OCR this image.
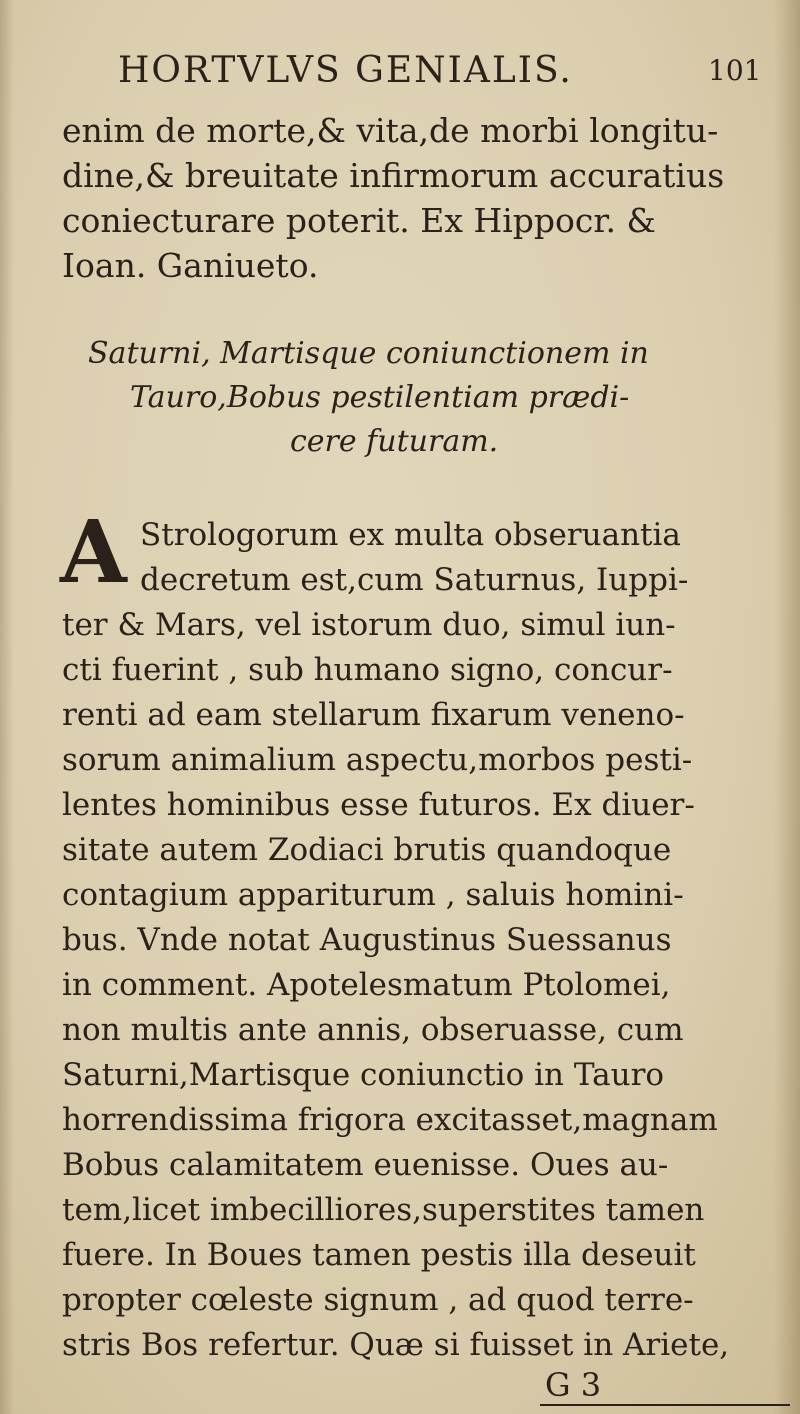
HORTVLVS GENIALIS.	101
enim de morte,& vita,de morbi longitu-
dine,& breuitate infirmorum accuratius
coniecturare poterit. Ex Hippocr. &
Ioan. Ganiueto.
Saturni, Martisque coniunctionem in
Tauro,Bobus pestilentiam prædi-
cere futuram.
A Strologorum ex multa obseruantia
decretum est,cum Saturnus, Iuppi-
ter & Mars, vel istorum duo, simul iun-
cti fuerint , sub humano signo, concur-
renti ad eam stellarum fixarum veneno-
sorum animalium aspectu,morbos pesti-
lentes hominibus esse futuros. Ex diuer-
sitate autem Zodiaci brutis quandoque
contagium appariturum , saluis homini-
bus. Vnde notat Augustinus Suessanus
in comment. Apotelesmatum Ptolomei,
non multis ante annis, obseruasse, cum
Saturni,Martisque coniunctio in Tauro
horrendissima frigora excitasset,magnam
Bobus calamitatem euenisse. Oues au-
tem,licet imbecilliores,superstites tamen
fuere. In Boues tamen pestis illa deseuit
propter cœleste signum , ad quod terre-
stris Bos refertur. Quæ si fuisset in Ariete,
G 3
